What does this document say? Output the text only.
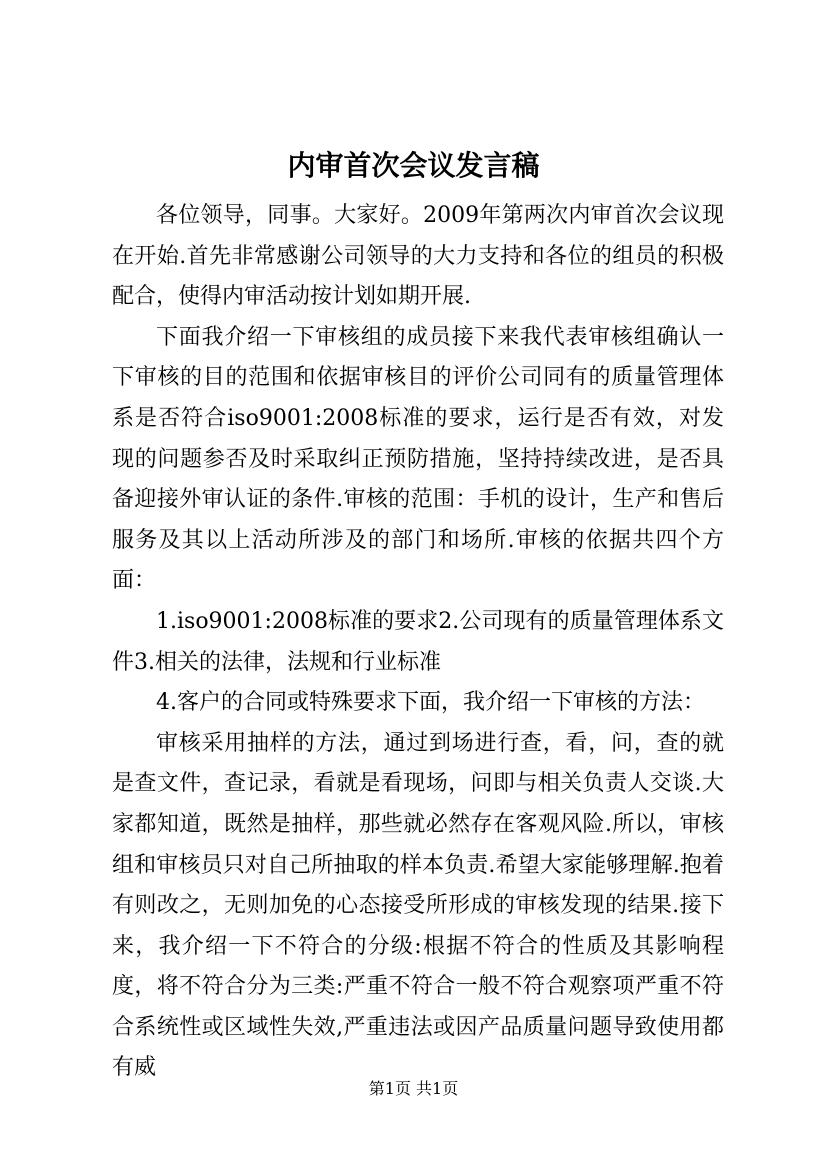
内审首次会议发言稿

各位领导，同事。大家好。2009年第两次内审首次会议现在开始.首先非常感谢公司领导的大力支持和各位的组员的积极配合，使得内审活动按计划如期开展.

下面我介绍一下审核组的成员接下来我代表审核组确认一下审核的目的范围和依据审核目的评价公司同有的质量管理体系是否符合iso9001:2008标准的要求，运行是否有效，对发现的问题参否及时采取纠正预防措施，坚持持续改进，是否具备迎接外审认证的条件.审核的范围：手机的设计，生产和售后服务及其以上活动所涉及的部门和场所.审核的依据共四个方面：

1.iso9001:2008标准的要求2.公司现有的质量管理体系文件3.相关的法律，法规和行业标准

4.客户的合同或特殊要求下面，我介绍一下审核的方法：

审核采用抽样的方法，通过到场进行查，看，问，查的就是查文件，查记录，看就是看现场，问即与相关负责人交谈.大家都知道，既然是抽样，那些就必然存在客观风险.所以，审核组和审核员只对自己所抽取的样本负责.希望大家能够理解.抱着有则改之，无则加免的心态接受所形成的审核发现的结果.接下来，我介绍一下不符合的分级:根据不符合的性质及其影响程度，将不符合分为三类:严重不符合一般不符合观察项严重不符合系统性或区域性失效,严重违法或因产品质量问题导致使用都有威

第1页 共1页
